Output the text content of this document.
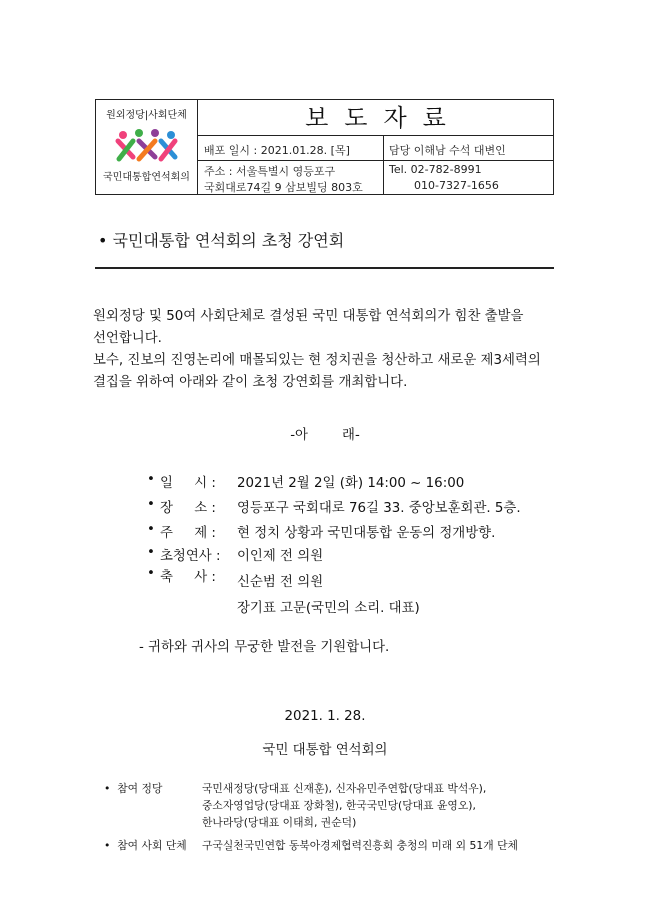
원외정당|사회단체
국민대통합연석회의
보도자료
배포 일시 : 2021.01.28. [목]	담당 이해남 수석 대변인
주소 : 서울특별시 영등포구
국회대로74길 9 삼보빌딩 803호
Tel. 02-782-8991
010-7327-1656
• 국민대통합 연석회의 초청 강연회

원외정당 및 50여 사회단체로 결성된 국민 대통합 연석회의가 힘찬 출발을

선언합니다.

보수, 진보의 진영논리에 매몰되있는 현 정치권을 청산하고 새로운 제3세력의

결집을 위하여 아래와 같이 초청 강연회를 개최합니다.

-아        래-
• 일     시 : 2021년 2월 2일 (화) 14:00 ~ 16:00
• 장     소 : 영등포구 국회대로 76길 33. 중앙보훈회관. 5층.
• 주     제 : 현 정치 상황과 국민대통합 운동의 정개방향.
• 초청연사 : 이인제 전 의원
• 축     사 : 신순범 전 의원
장기표 고문(국민의 소리. 대표)
- 귀하와 귀사의 무궁한 발전을 기원합니다.
2021. 1. 28.
국민 대통합 연석회의
•  참여 정당	국민새정당(당대표 신재훈), 신자유민주연합(당대표 박석우),
중소자영업당(당대표 장화철), 한국국민당(당대표 윤영오),
한나라당(당대표 이태희, 권순덕)
•  참여 사회 단체 구국실천국민연합 동북아경제협력진흥회 충청의 미래 외 51개 단체
